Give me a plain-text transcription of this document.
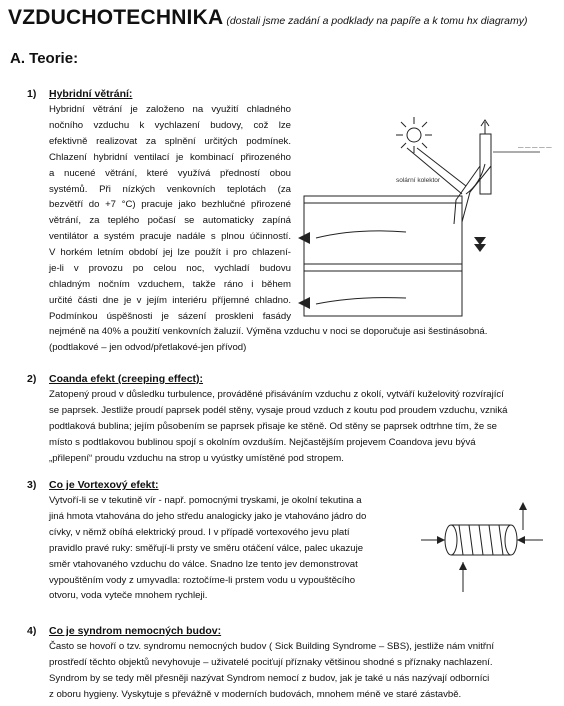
VZDUCHOTECHNIKA (dostali jsme zadání a podklady na papíře a k tomu hx diagramy)
A. Teorie:
1) Hybridní větrání:

Hybridní větrání je založeno na využití chladného

nočního vzduchu k vychlazení budovy, což lze

efektivně realizovat za splnění určitých podmínek.

Chlazení hybridní ventilací je kombinací přirozeného

a nucené větrání, které využívá předností obou

systémů. Při nízkých venkovních teplotách (za

bezvětří do +7 °C) pracuje jako bezhlučné přirozené

větrání, za teplého počasí se automaticky zapíná

ventilátor a systém pracuje nadále s plnou účinností.

V horkém letním období jej lze použít i pro chlazení-

je-li v provozu po celou noc, vychladí budovu

chladným nočním vzduchem, takže ráno i během

určité části dne je v jejím interiéru příjemné chladno.

Podmínkou úspěšnosti je sázení proskleni fasády

nejméně na 40% a použití venkovních žaluzií. Výměna vzduchu v noci se doporučuje asi šestinásobná.

(podtlakové – jen odvod/přetlakové-jen přívod)

solární kolektor
— — — — —
2) Coanda efekt (creeping effect):

Zatopený proud v důsledku turbulence, prováděné přisáváním vzduchu z okolí, vytváří kuželovitý rozvírající

se paprsek. Jestliže proudí paprsek podél stěny, vysaje proud vzduch z koutu pod proudem vzduchu, vzniká

podtlaková bublina; jejím působením se paprsek přisaje ke stěně. Od stěny se paprsek odtrhne tím, že se

místo s podtlakovou bublinou spojí s okolním ovzduším. Nejčastějším projevem Coandova jevu bývá

„přilepení“ proudu vzduchu na strop u vyústky umístěné pod stropem.

3) Co je Vortexový efekt:

Vytvoří-li se v tekutině vír - např. pomocnými tryskami, je okolní tekutina a

jiná hmota vtahována do jeho středu analogicky jako je vtahováno jádro do

cívky, v němž obíhá elektrický proud. I v případě vortexového jevu platí

pravidlo pravé ruky: směřují-li prsty ve směru otáčení válce, palec ukazuje

směr vtahovaného vzduchu do válce. Snadno lze tento jev demonstrovat

vypouštěním vody z umyvadla: roztočíme-li prstem vodu u vypouštěcího

otvoru, voda vyteče mnohem rychleji.

4) Co je syndrom nemocných budov:

Často se hovoří o tzv. syndromu nemocných budov ( Sick Building Syndrome – SBS), jestliže nám vnitřní

prostředí těchto objektů nevyhovuje – uživatelé pociťují příznaky většinou shodné s příznaky nachlazení.

Syndrom by se tedy měl přesněji nazývat Syndrom nemocí z budov, jak je také u nás nazývají odborníci

z oboru hygieny. Vyskytuje s převážně v moderních budovách, mnohem méně ve staré zástavbě.
